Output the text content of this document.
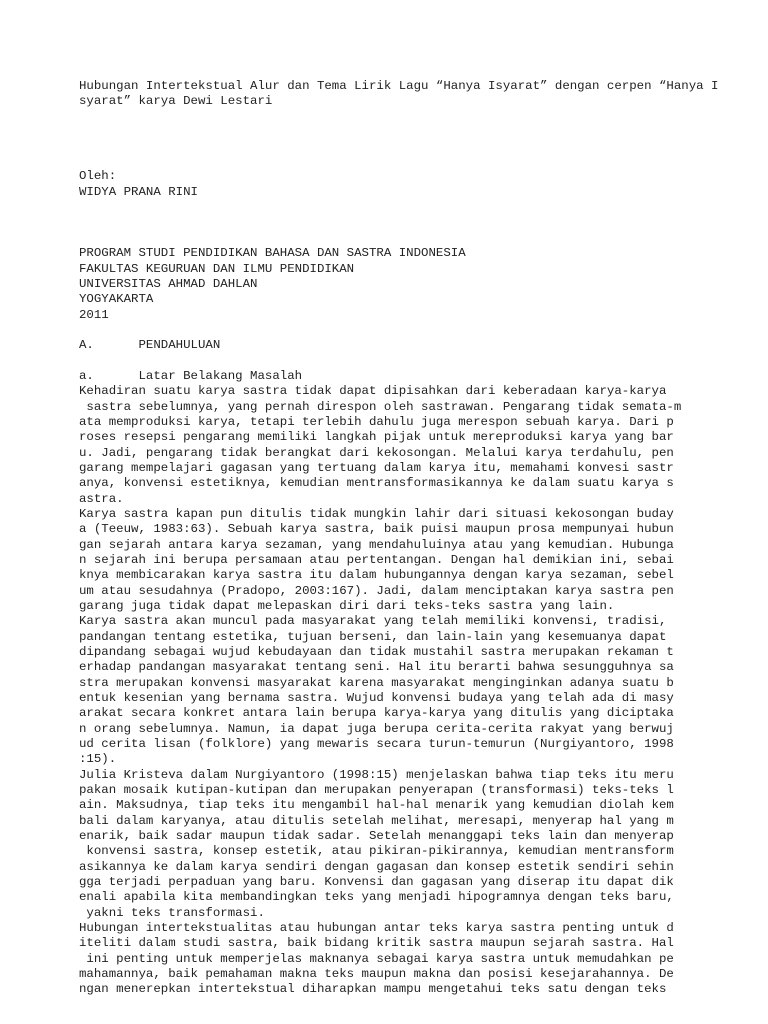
Hubungan Intertekstual Alur dan Tema Lirik Lagu “Hanya Isyarat” dengan cerpen “Hanya I
syarat” karya Dewi Lestari
Oleh:
WIDYA PRANA RINI
PROGRAM STUDI PENDIDIKAN BAHASA DAN SASTRA INDONESIA
FAKULTAS KEGURUAN DAN ILMU PENDIDIKAN
UNIVERSITAS AHMAD DAHLAN
YOGYAKARTA
2011
A.      PENDAHULUAN
a.      Latar Belakang Masalah
Kehadiran suatu karya sastra tidak dapat dipisahkan dari keberadaan karya-karya
sastra sebelumnya, yang pernah direspon oleh sastrawan. Pengarang tidak semata-m
ata memproduksi karya, tetapi terlebih dahulu juga merespon sebuah karya. Dari p
roses resepsi pengarang memiliki langkah pijak untuk mereproduksi karya yang bar
u. Jadi, pengarang tidak berangkat dari kekosongan. Melalui karya terdahulu, pen
garang mempelajari gagasan yang tertuang dalam karya itu, memahami konvesi sastr
anya, konvensi estetiknya, kemudian mentransformasikannya ke dalam suatu karya s
astra.
Karya sastra kapan pun ditulis tidak mungkin lahir dari situasi kekosongan buday
a (Teeuw, 1983:63). Sebuah karya sastra, baik puisi maupun prosa mempunyai hubun
gan sejarah antara karya sezaman, yang mendahuluinya atau yang kemudian. Hubunga
n sejarah ini berupa persamaan atau pertentangan. Dengan hal demikian ini, sebai
knya membicarakan karya sastra itu dalam hubungannya dengan karya sezaman, sebel
um atau sesudahnya (Pradopo, 2003:167). Jadi, dalam menciptakan karya sastra pen
garang juga tidak dapat melepaskan diri dari teks-teks sastra yang lain.
Karya sastra akan muncul pada masyarakat yang telah memiliki konvensi, tradisi,
pandangan tentang estetika, tujuan berseni, dan lain-lain yang kesemuanya dapat
dipandang sebagai wujud kebudayaan dan tidak mustahil sastra merupakan rekaman t
erhadap pandangan masyarakat tentang seni. Hal itu berarti bahwa sesungguhnya sa
stra merupakan konvensi masyarakat karena masyarakat menginginkan adanya suatu b
entuk kesenian yang bernama sastra. Wujud konvensi budaya yang telah ada di masy
arakat secara konkret antara lain berupa karya-karya yang ditulis yang diciptaka
n orang sebelumnya. Namun, ia dapat juga berupa cerita-cerita rakyat yang berwuj
ud cerita lisan (folklore) yang mewaris secara turun-temurun (Nurgiyantoro, 1998
:15).
Julia Kristeva dalam Nurgiyantoro (1998:15) menjelaskan bahwa tiap teks itu meru
pakan mosaik kutipan-kutipan dan merupakan penyerapan (transformasi) teks-teks l
ain. Maksudnya, tiap teks itu mengambil hal-hal menarik yang kemudian diolah kem
bali dalam karyanya, atau ditulis setelah melihat, meresapi, menyerap hal yang m
enarik, baik sadar maupun tidak sadar. Setelah menanggapi teks lain dan menyerap
konvensi sastra, konsep estetik, atau pikiran-pikirannya, kemudian mentransform
asikannya ke dalam karya sendiri dengan gagasan dan konsep estetik sendiri sehin
gga terjadi perpaduan yang baru. Konvensi dan gagasan yang diserap itu dapat dik
enali apabila kita membandingkan teks yang menjadi hipogramnya dengan teks baru,
yakni teks transformasi.
Hubungan intertekstualitas atau hubungan antar teks karya sastra penting untuk d
iteliti dalam studi sastra, baik bidang kritik sastra maupun sejarah sastra. Hal
ini penting untuk memperjelas maknanya sebagai karya sastra untuk memudahkan pe
mahamannya, baik pemahaman makna teks maupun makna dan posisi kesejarahannya. De
ngan menerepkan intertekstual diharapkan mampu mengetahui teks satu dengan teks
